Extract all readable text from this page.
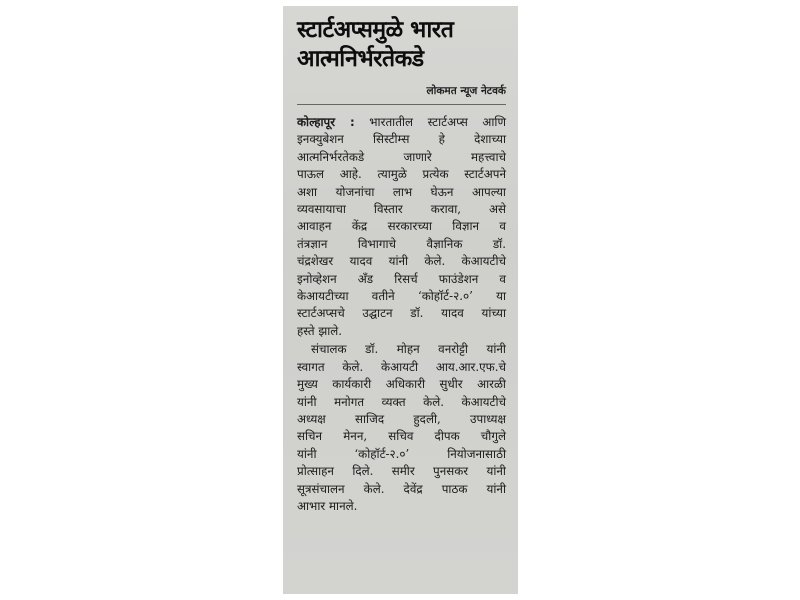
स्टार्टअप्समुळे भारत
आत्मनिर्भरतेकडे
लोकमत न्यूज नेटवर्क

कोल्हापूर : भारतातील स्टार्टअप्स आणि
इनक्युबेशन सिस्टीम्स हे देशाच्या
आत्मनिर्भरतेकडे जाणारे महत्त्वाचे
पाऊल आहे. त्यामुळे प्रत्येक स्टार्टअपने
अशा योजनांचा लाभ घेऊन आपल्या
व्यवसायाचा विस्तार करावा, असे
आवाहन केंद्र सरकारच्या विज्ञान व
तंत्रज्ञान विभागाचे वैज्ञानिक डॉ.
चंद्रशेखर यादव यांनी केले. केआयटीचे
इनोव्हेशन अँड रिसर्च फाउंडेशन व
केआयटीच्या वतीने ‘कोहॉर्ट-२.०’ या
स्टार्टअप्सचे उद्घाटन डॉ. यादव यांच्या
हस्ते झाले.

संचालक डॉ. मोहन वनरोट्टी यांनी
स्वागत केले. केआयटी आय.आर.एफ.चे
मुख्य कार्यकारी अधिकारी सुधीर आरळी
यांनी मनोगत व्यक्त केले. केआयटीचे
अध्यक्ष साजिद हुदली, उपाध्यक्ष
सचिन मेनन, सचिव दीपक चौगुले
यांनी ‘कोहॉर्ट-२.०’ नियोजनासाठी
प्रोत्साहन दिले. समीर पुनसकर यांनी
सूत्रसंचालन केले. देवेंद्र पाठक यांनी
आभार मानले.
